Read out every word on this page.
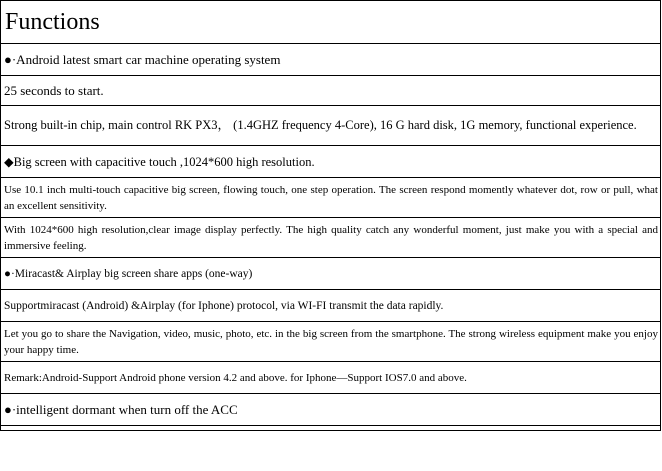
Functions
●·Android latest smart car machine operating system
25 seconds to start.
Strong built-in chip, main control RK PX3， (1.4GHZ frequency 4-Core), 16 G hard disk, 1G memory, functional experience.
◆Big screen with capacitive touch ,1024*600 high resolution.
Use 10.1 inch multi-touch capacitive big screen, flowing touch, one step operation. The screen respond momently whatever dot, row or pull, what an excellent sensitivity.
With 1024*600 high resolution,clear image display perfectly. The high quality catch any wonderful moment, just make you with a special and immersive feeling.
●·Miracast& Airplay big screen share apps (one-way)
Supportmiracast (Android) &Airplay (for Iphone) protocol, via WI-FI transmit the data rapidly.
Let you go to share the Navigation, video, music, photo, etc. in the big screen from the smartphone. The strong wireless equipment make you enjoy your happy time.
Remark:Android-Support Android phone version 4.2 and above. for Iphone—Support IOS7.0 and above.
●·intelligent dormant when turn off the ACC
